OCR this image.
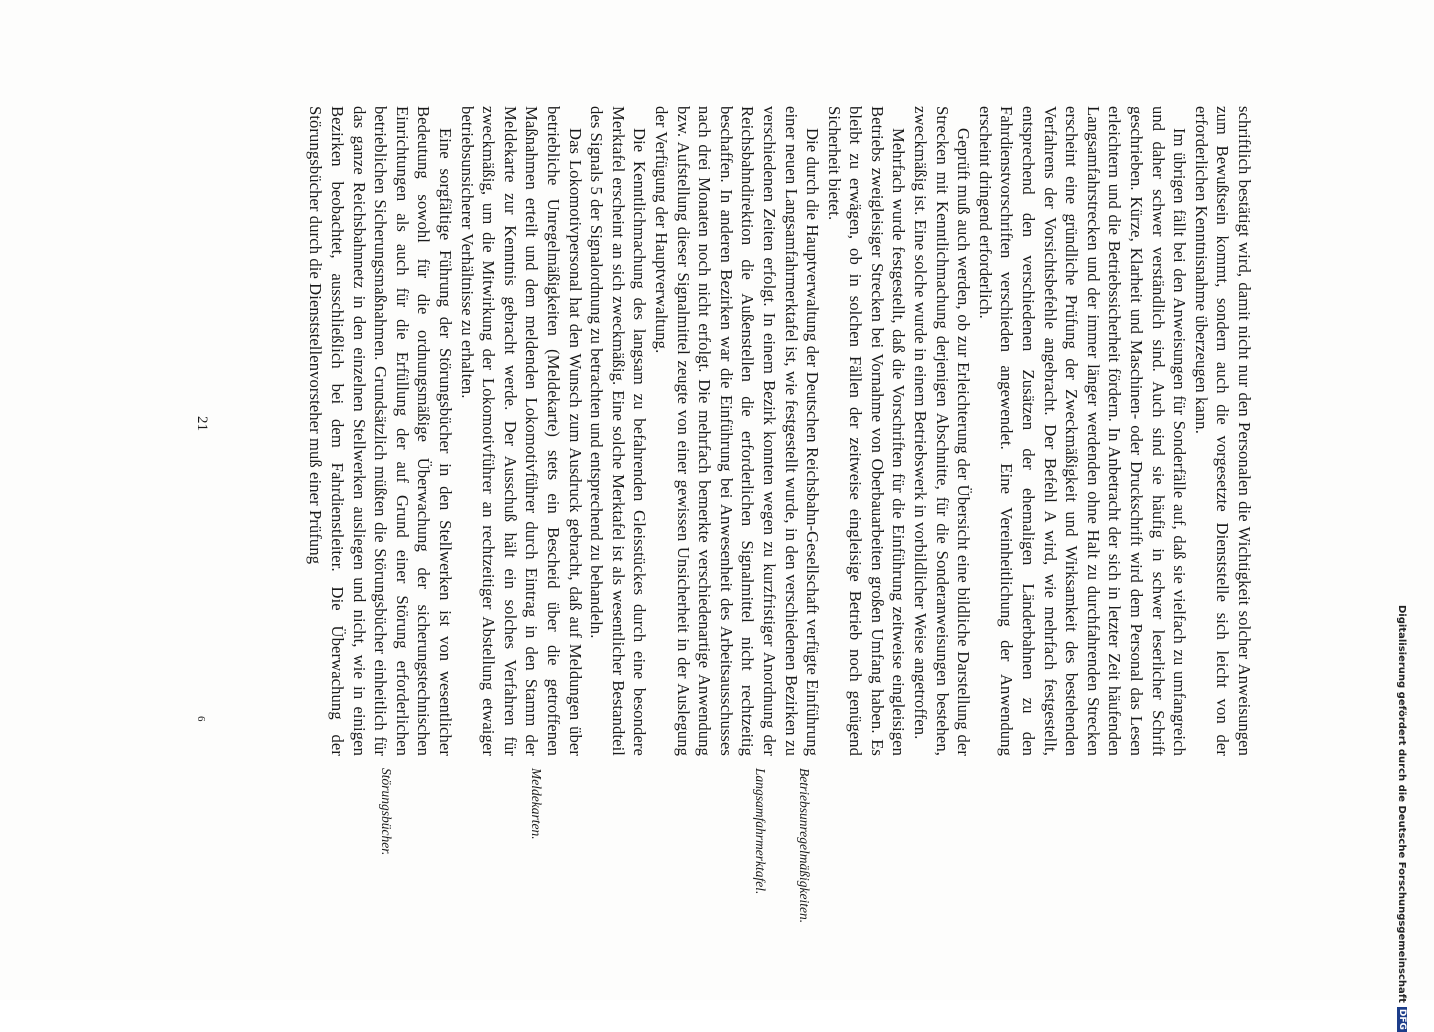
schriftlich bestätigt wird, damit nicht nur den Personalen die Wichtigkeit solcher Anweisungen zum Bewußtsein kommt, sondern auch die vorgesetzte Dienststelle sich leicht von der erforderlichen Kenntnisnahme überzeugen kann.

Im übrigen fällt bei den Anweisungen für Sonderfälle auf, daß sie vielfach zu umfangreich und daher schwer verständlich sind. Auch sind sie häufig in schwer leserlicher Schrift geschrieben. Kürze, Klarheit und Maschinen- oder Druckschrift wird dem Personal das Lesen erleichtern und die Betriebssicherheit fördern. In Anbetracht der sich in letzter Zeit häufenden Langsamfahrstrecken und der immer länger werdenden ohne Halt zu durchfahrenden Strecken erscheint eine gründliche Prüfung der Zweckmäßigkeit und Wirksamkeit des bestehenden Verfahrens der Vorsichtsbefehle angebracht. Der Befehl A wird, wie mehrfach festgestellt, entsprechend den verschiedenen Zusätzen der ehemaligen Länderbahnen zu den Fahrdienstvorschriften verschieden angewendet. Eine Vereinheitlichung der Anwendung erscheint dringend erforderlich.

Geprüft muß auch werden, ob zur Erleichterung der Übersicht eine bildliche Darstellung der Strecken mit Kenntlichmachung derjenigen Abschnitte, für die Sonderanweisungen bestehen, zweckmäßig ist. Eine solche wurde in einem Betriebswerk in vorbildlicher Weise angetroffen.

Mehrfach wurde festgestellt, daß die Vorschriften für die Einführung zeitweise eingleisigen Betriebs zweigleisiger Strecken bei Vornahme von Oberbauarbeiten großen Umfang haben. Es bleibt zu erwägen, ob in solchen Fällen der zeitweise eingleisige Betrieb noch genügend Sicherheit bietet.

Die durch die Hauptverwaltung der Deutschen Reichsbahn-Gesellschaft verfügte Einführung einer neuen Langsamfahrmerktafel ist, wie festgestellt wurde, in den verschiedenen Bezirken zu verschiedenen Zeiten erfolgt. In einem Bezirk konnten wegen zu kurzfristiger Anordnung der Reichsbahndirektion die Außenstellen die erforderlichen Signalmittel nicht rechtzeitig beschaffen. In anderen Bezirken war die Einführung bei Anwesenheit des Arbeitsausschusses nach drei Monaten noch nicht erfolgt. Die mehrfach bemerkte verschiedenartige Anwendung bzw. Aufstellung dieser Signalmittel zeugte von einer gewissen Unsicherheit in der Auslegung der Verfügung der Hauptverwaltung.

Die Kenntlichmachung des langsam zu befahrenden Gleisstückes durch eine besondere Merktafel erscheint an sich zweckmäßig. Eine solche Merktafel ist als wesentlicher Bestandteil des Signals 5 der Signalordnung zu betrachten und entsprechend zu behandeln.

Das Lokomotivpersonal hat den Wunsch zum Ausdruck gebracht, daß auf Meldungen über betriebliche Unregelmäßigkeiten (Meldekarte) stets ein Bescheid über die getroffenen Maßnahmen erteilt und dem meldenden Lokomotivführer durch Eintrag in den Stamm der Meldekarte zur Kenntnis gebracht werde. Der Ausschuß hält ein solches Verfahren für zweckmäßig, um die Mitwirkung der Lokomotivführer an rechtzeitiger Abstellung etwaiger betriebsunsicherer Verhältnisse zu erhalten.

Eine sorgfältige Führung der Störungsbücher in den Stellwerken ist von wesentlicher Bedeutung sowohl für die ordnungsmäßige Überwachung der sicherungstechnischen Einrichtungen als auch für die Erfüllung der auf Grund einer Störung erforderlichen betrieblichen Sicherungsmaßnahmen. Grundsätzlich müßten die Störungsbücher einheitlich für das ganze Reichsbahnnetz in den einzelnen Stellwerken ausliegen und nicht, wie in einigen Bezirken beobachtet, ausschließlich bei dem Fahrdienstleiter. Die Überwachung der Störungsbücher durch die Dienststellenvorsteher muß einer Prüfung

Betriebsunregelmäßigkeiten.
Langsamfahrmerktafel.
Meldekarten.
Störungsbücher.
6
21
Digitalisierung gefördert durch die Deutsche ForschungsgemeinschaftDFG
